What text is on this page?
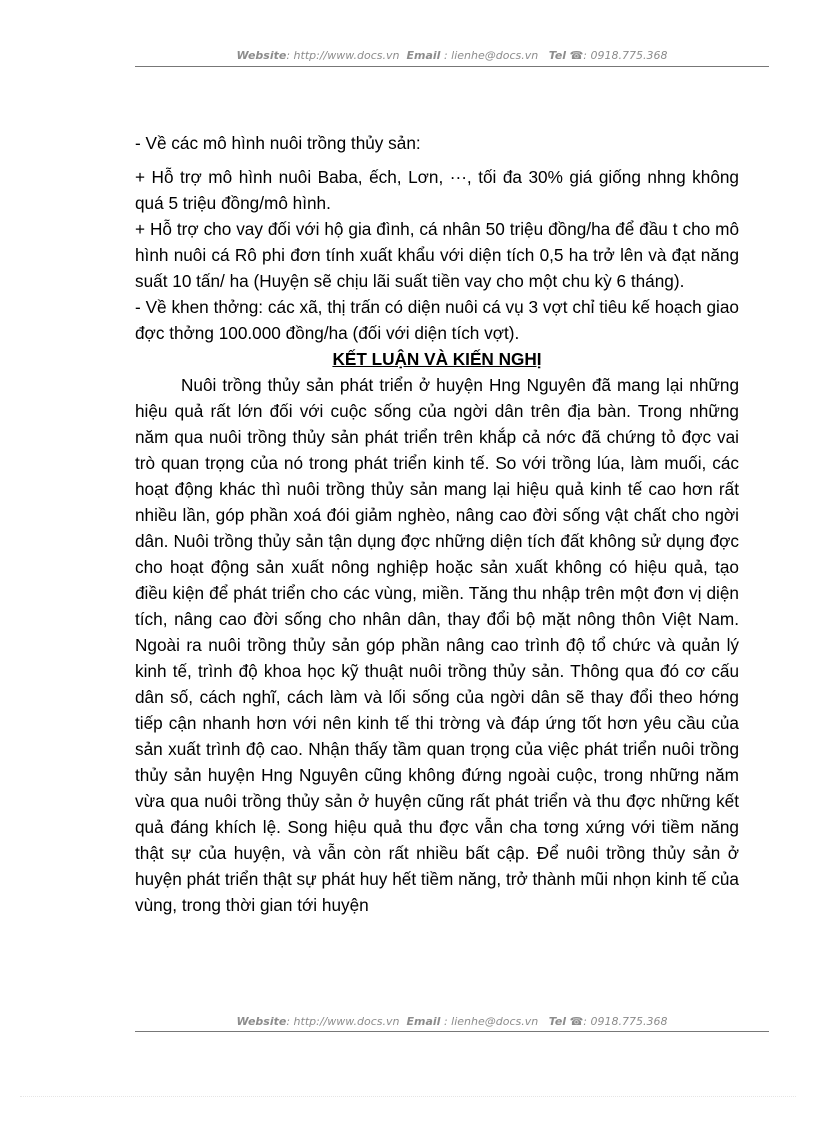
Website: http://www.docs.vn Email : lienhe@docs.vn Tel ☎: 0918.775.368

- Về các mô hình nuôi trồng thủy sản:

+ Hỗ trợ mô hình nuôi Baba, ếch, Lơn, ···, tối đa 30% giá giống nhng không quá 5 triệu đồng/mô hình.

+ Hỗ trợ cho vay đối với hộ gia đình, cá nhân 50 triệu đồng/ha để đầu t cho mô hình nuôi cá Rô phi đơn tính xuất khẩu với diện tích 0,5 ha trở lên và đạt năng suất 10 tấn/ ha (Huyện sẽ chịu lãi suất tiền vay cho một chu kỳ 6 tháng).

- Về khen thởng: các xã, thị trấn có diện nuôi cá vụ 3 vợt chỉ tiêu kế hoạch giao đợc thởng 100.000 đồng/ha (đối với diện tích vợt).

KẾT LUẬN VÀ KIẾN NGHỊ

Nuôi trồng thủy sản phát triển ở huyện Hng Nguyên đã mang lại những hiệu quả rất lớn đối với cuộc sống của ngời dân trên địa bàn. Trong những năm qua nuôi trồng thủy sản phát triển trên khắp cả nớc đã chứng tỏ đợc vai trò quan trọng của nó trong phát triển kinh tế. So với trồng lúa, làm muối, các hoạt động khác thì nuôi trồng thủy sản mang lại hiệu quả kinh tế cao hơn rất nhiều lần, góp phần xoá đói giảm nghèo, nâng cao đời sống vật chất cho ngời dân. Nuôi trồng thủy sản tận dụng đợc những diện tích đất không sử dụng đợc cho hoạt động sản xuất nông nghiệp hoặc sản xuất không có hiệu quả, tạo điều kiện để phát triển cho các vùng, miền. Tăng thu nhập trên một đơn vị diện tích, nâng cao đời sống cho nhân dân, thay đổi bộ mặt nông thôn Việt Nam. Ngoài ra nuôi trồng thủy sản góp phần nâng cao trình độ tổ chức và quản lý kinh tế, trình độ khoa học kỹ thuật nuôi trồng thủy sản. Thông qua đó cơ cấu dân số, cách nghĩ, cách làm và lối sống của ngời dân sẽ thay đổi theo hớng tiếp cận nhanh hơn với nên kinh tế thi trờng và đáp ứng tốt hơn yêu cầu của sản xuất trình độ cao. Nhận thấy tầm quan trọng của việc phát triển nuôi trồng thủy sản huyện Hng Nguyên cũng không đứng ngoài cuộc, trong những năm vừa qua nuôi trồng thủy sản ở huyện cũng rất phát triển và thu đợc những kết quả đáng khích lệ. Song hiệu quả thu đợc vẫn cha tơng xứng với tiềm năng thật sự của huyện, và vẫn còn rất nhiều bất cập. Để nuôi trồng thủy sản ở huyện phát triển thật sự phát huy hết tiềm năng, trở thành mũi nhọn kinh tế của vùng, trong thời gian tới huyện

Website: http://www.docs.vn Email : lienhe@docs.vn Tel ☎: 0918.775.368
